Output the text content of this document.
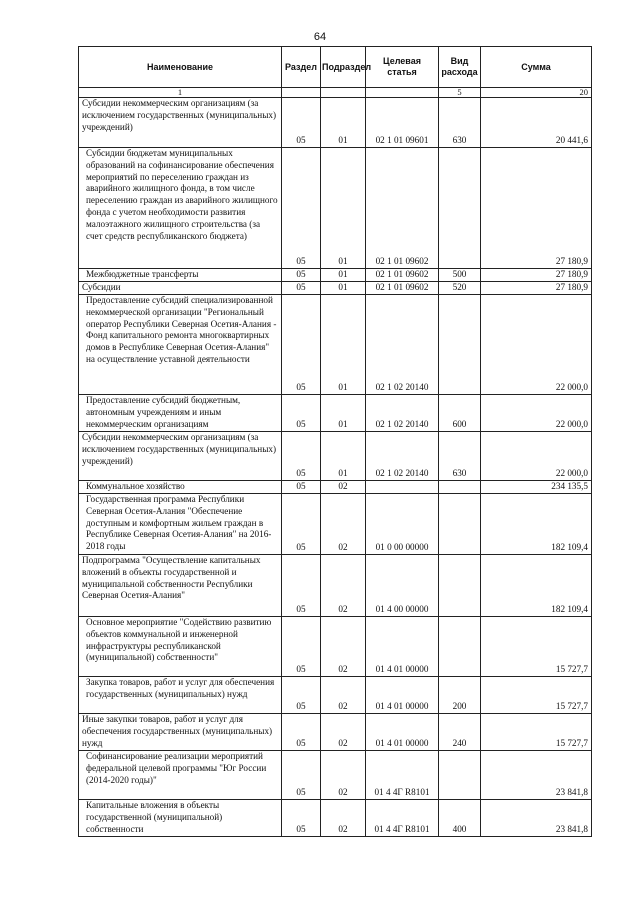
64
Наименование	Раздел	Подраздел	Целевая статья	Вид расхода	Сумма
1				5	20
Субсидии некоммерческим организациям (за исключением государственных (муниципальных) учреждений)	05	01	02 1 01 09601	630	20 441,6
Субсидии бюджетам муниципальных образований на софинансирование обеспечения мероприятий по переселению граждан из аварийного жилищного фонда, в том числе переселению граждан из аварийного жилищного фонда с учетом необходимости развития малоэтажного жилищного строительства (за счет средств республиканского бюджета)	05	01	02 1 01 09602		27 180,9
Межбюджетные трансферты	05	01	02 1 01 09602	500	27 180,9
Субсидии	05	01	02 1 01 09602	520	27 180,9
Предоставление субсидий специализированной некоммерческой организации "Региональный оператор Республики Северная Осетия-Алания - Фонд капитального ремонта многоквартирных домов в Республике Северная Осетия-Алания" на осуществление уставной деятельности	05	01	02 1 02 20140		22 000,0
Предоставление субсидий бюджетным, автономным учреждениям и иным некоммерческим организациям	05	01	02 1 02 20140	600	22 000,0
Субсидии некоммерческим организациям (за исключением государственных (муниципальных) учреждений)	05	01	02 1 02 20140	630	22 000,0
Коммунальное хозяйство	05	02			234 135,5
Государственная программа Республики Северная Осетия-Алания "Обеспечение доступным и комфортным жильем граждан в Республике Северная Осетия-Алания" на 2016-2018 годы	05	02	01 0 00 00000		182 109,4
Подпрограмма "Осуществление капитальных вложений в объекты государственной и муниципальной собственности Республики Северная Осетия-Алания"	05	02	01 4 00 00000		182 109,4
Основное мероприятие "Содействию развитию объектов коммунальной и инженерной инфраструктуры республиканской (муниципальной) собственности"	05	02	01 4 01 00000		15 727,7
Закупка товаров, работ и услуг для обеспечения государственных (муниципальных) нужд	05	02	01 4 01 00000	200	15 727,7
Иные закупки товаров, работ и услуг для обеспечения государственных (муниципальных) нужд	05	02	01 4 01 00000	240	15 727,7
Софинансирование реализации мероприятий федеральной целевой программы "Юг России (2014-2020 годы)"	05	02	01 4 4Г R8101		23 841,8
Капитальные вложения в объекты государственной (муниципальной) собственности	05	02	01 4 4Г R8101	400	23 841,8
